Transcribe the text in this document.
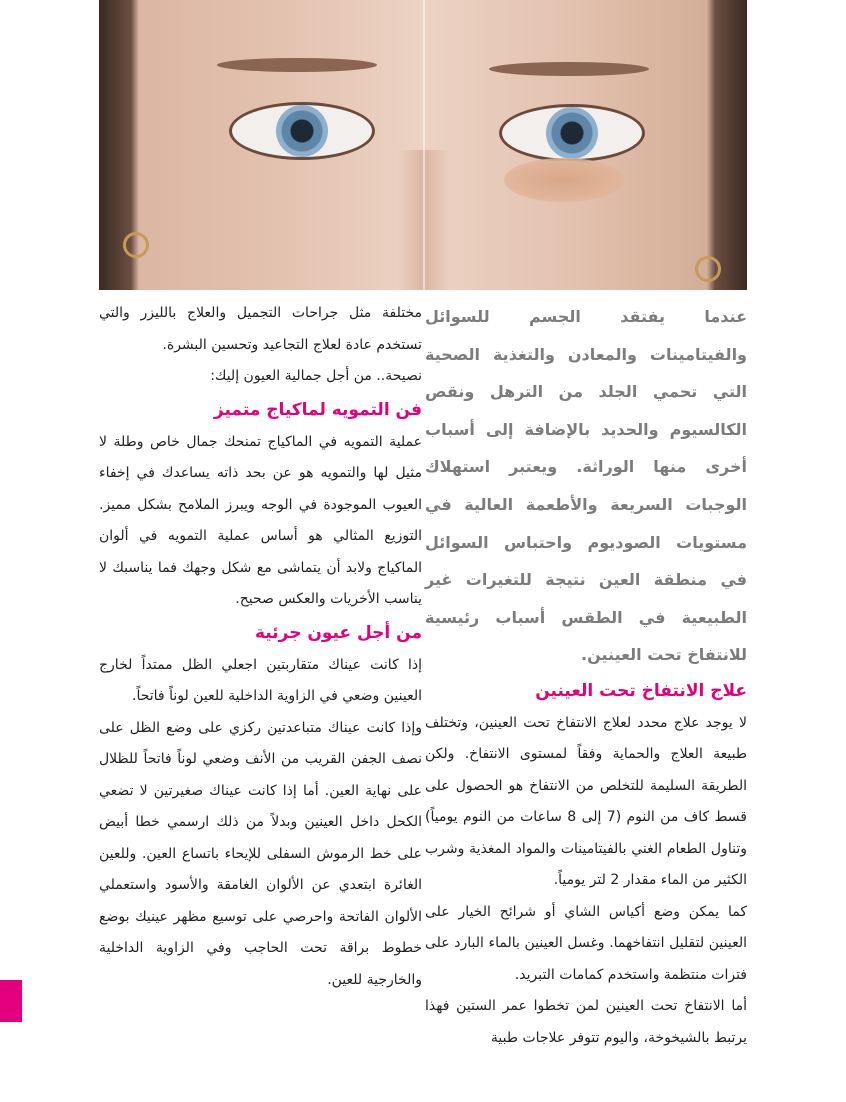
عندما يفتقد الجسم للسوائل والفيتامينات والمعادن والتغذية الصحية التي تحمي الجلد من الترهل ونقص الكالسيوم والحديد بالإضافة إلى أسباب أخرى منها الوراثة. ويعتبر استهلاك الوجبات السريعة والأطعمة العالية في مستويات الصوديوم واحتباس السوائل في منطقة العين نتيجة للتغيرات غير الطبيعية في الطقس أسباب رئيسية للانتفاخ تحت العينين.

علاج الانتفاخ تحت العينين

لا يوجد علاج محدد لعلاج الانتفاخ تحت العينين، وتختلف طبيعة العلاج والحماية وفقاً لمستوى الانتفاخ. ولكن الطريقة السليمة للتخلص من الانتفاخ هو الحصول على قسط كاف من النوم (7 إلى 8 ساعات من النوم يومياً) وتناول الطعام الغني بالفيتامينات والمواد المغذية وشرب الكثير من الماء مقدار 2 لتر يومياً.

كما يمكن وضع أكياس الشاي أو شرائح الخيار على العينين لتقليل انتفاخهما. وغسل العينين بالماء البارد على فترات منتظمة واستخدم كمامات التبريد.

أما الانتفاخ تحت العينين لمن تخطوا عمر الستين فهذا يرتبط بالشيخوخة، واليوم تتوفر علاجات طبية

مختلفة مثل جراحات التجميل والعلاج بالليزر والتي تستخدم عادة لعلاج التجاعيد وتحسين البشرة.

نصيحة.. من أجل جمالية العيون إليك:

فن التمويه لماكياج متميز

عملية التمويه في الماكياج تمنحك جمال خاص وطلة لا مثيل لها والتمويه هو عن بحد ذاته يساعدك في إخفاء العيوب الموجودة في الوجه ويبرز الملامح بشكل مميز. التوزيع المثالي هو أساس عملية التمويه في ألوان الماكياج ولابد أن يتماشى مع شكل وجهك فما يناسبك لا يناسب الأخريات والعكس صحيح.

من أجل عيون جرئية

إذا كانت عيناك متقاربتين اجعلي الظل ممتداً لخارج العينين وضعي في الزاوية الداخلية للعين لوناً فاتحاً.

وإذا كانت عيناك متباعدتين ركزي على وضع الظل على نصف الجفن القريب من الأنف وضعي لوناً فاتحاً للظلال على نهاية العين. أما إذا كانت عيناك صغيرتين لا تضعي الكحل داخل العينين وبدلاً من ذلك ارسمي خطا أبيض على خط الرموش السفلى للإيحاء باتساع العين. وللعين الغائرة ابتعدي عن الألوان الغامقة والأسود واستعملي الألوان الفاتحة واحرصي على توسيع مظهر عينيك بوضع خطوط براقة تحت الحاجب وفي الزاوية الداخلية والخارجية للعين.
